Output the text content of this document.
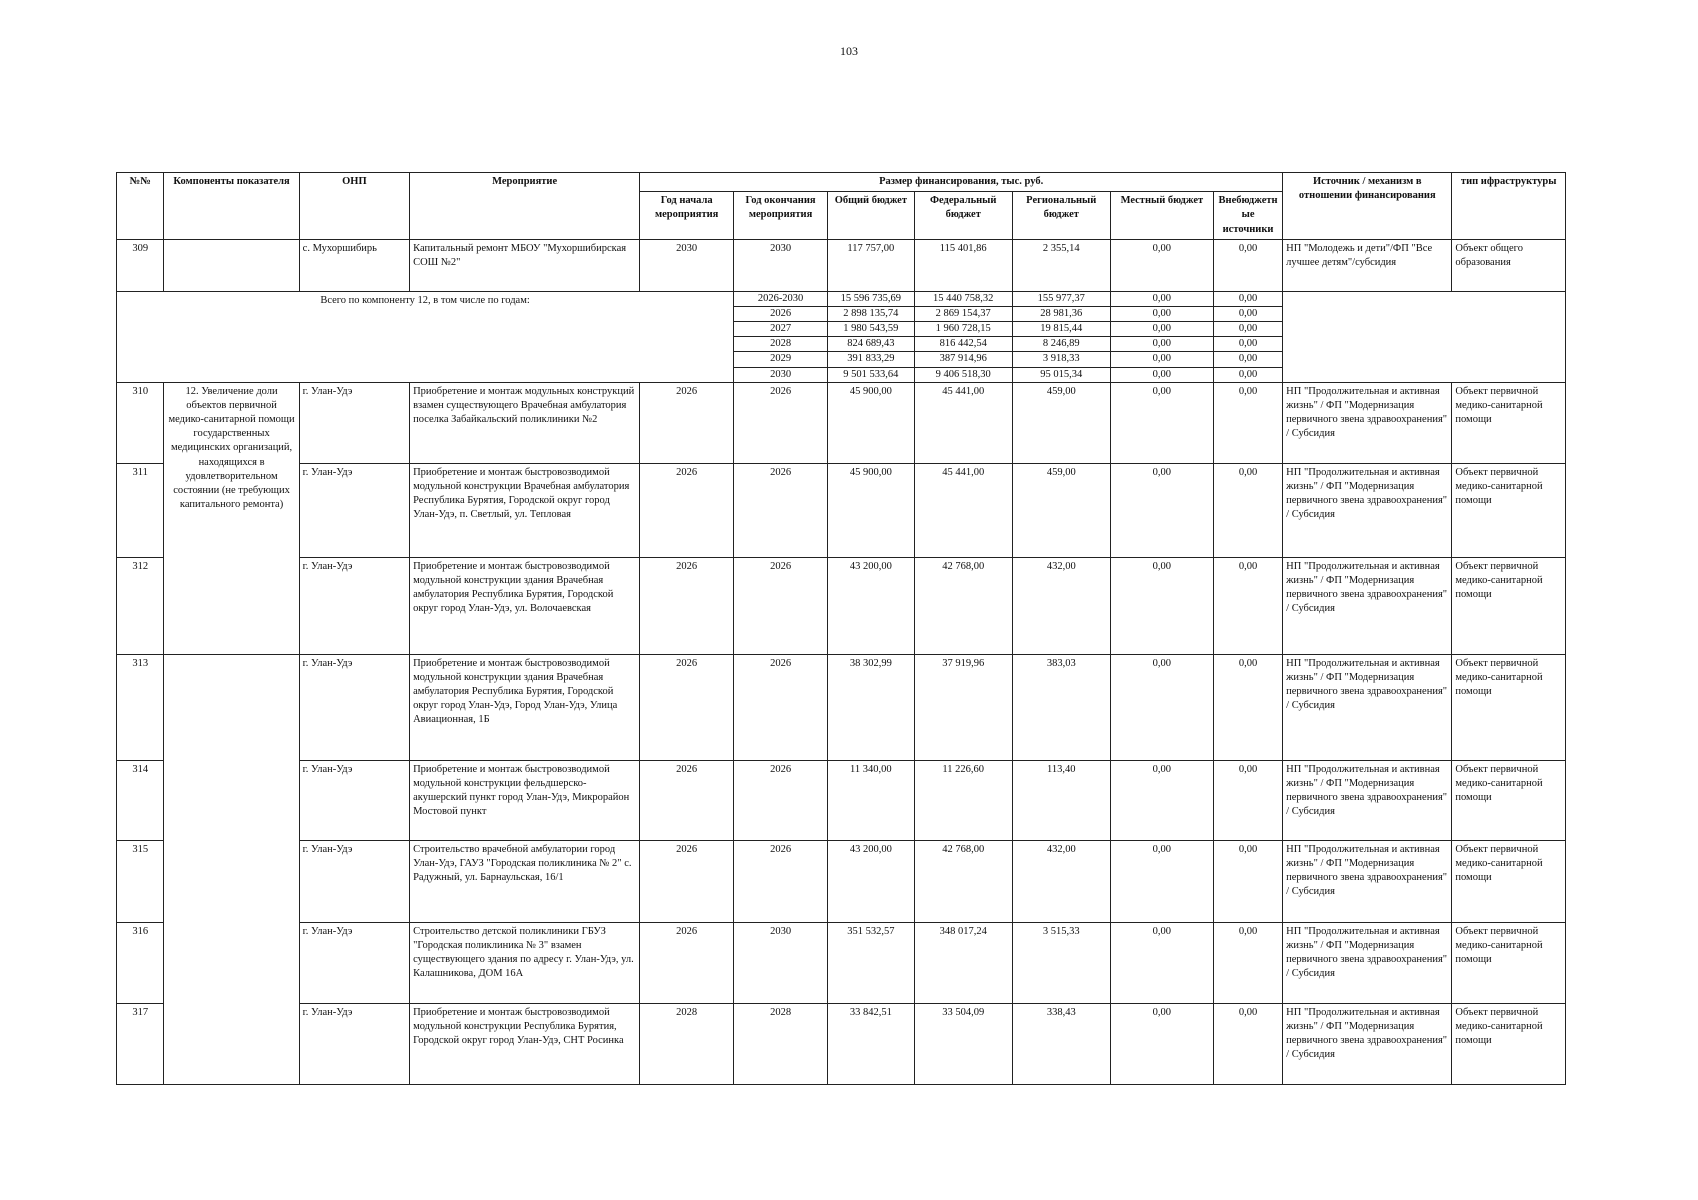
103
№№	Компоненты показателя	ОНП	Мероприятие	Размер финансирования, тыс. руб.							Источник / механизм в отношении финансирования	тип ифраструктуры
				Год начала мероприятия	Год окончания мероприятия	Общий бюджет	Федеральный бюджет	Региональный бюджет	Местный бюджет	Внебюджетные источники		
309		с. Мухоршибирь	Капитальный ремонт МБОУ "Мухоршибирская СОШ №2"	2030	2030	117 757,00	115 401,86	2 355,14	0,00	0,00	НП "Молодежь и дети"/ФП "Все лучшее детям"/субсидия	Объект общего образования
Всего по компоненту 12, в том числе по годам:					2026-2030	15 596 735,69	15 440 758,32	155 977,37	0,00	0,00		
					2026	2 898 135,74	2 869 154,37	28 981,36	0,00	0,00		
					2027	1 980 543,59	1 960 728,15	19 815,44	0,00	0,00		
					2028	824 689,43	816 442,54	8 246,89	0,00	0,00		
					2029	391 833,29	387 914,96	3 918,33	0,00	0,00		
					2030	9 501 533,64	9 406 518,30	95 015,34	0,00	0,00		
310	12. Увеличение доли объектов первичной медико-санитарной помощи государственных медицинских организаций, находящихся в удовлетворительном состоянии (не требующих капитального ремонта)	г. Улан-Удэ	Приобретение и монтаж модульных конструкций взамен существующего Врачебная амбулатория поселка Забайкальский поликлиники №2	2026	2026	45 900,00	45 441,00	459,00	0,00	0,00	НП "Продолжительная и активная жизнь" / ФП "Модернизация первичного звена здравоохранения" / Субсидия	Объект первичной медико-санитарной помощи
311		г. Улан-Удэ	Приобретение и монтаж быстровозводимой модульной конструкции Врачебная амбулатория Республика Бурятия, Городской округ город Улан-Удэ, п. Светлый, ул. Тепловая	2026	2026	45 900,00	45 441,00	459,00	0,00	0,00	НП "Продолжительная и активная жизнь" / ФП "Модернизация первичного звена здравоохранения" / Субсидия	Объект первичной медико-санитарной помощи
312		г. Улан-Удэ	Приобретение и монтаж быстровозводимой модульной конструкции здания Врачебная амбулатория Республика Бурятия, Городской округ город Улан-Удэ, ул. Волочаевская	2026	2026	43 200,00	42 768,00	432,00	0,00	0,00	НП "Продолжительная и активная жизнь" / ФП "Модернизация первичного звена здравоохранения" / Субсидия	Объект первичной медико-санитарной помощи
313		г. Улан-Удэ	Приобретение и монтаж быстровозводимой модульной конструкции здания Врачебная амбулатория Республика Бурятия, Городской округ город Улан-Удэ, Город Улан-Удэ, Улица Авиационная, 1Б	2026	2026	38 302,99	37 919,96	383,03	0,00	0,00	НП "Продолжительная и активная жизнь" / ФП "Модернизация первичного звена здравоохранения" / Субсидия	Объект первичной медико-санитарной помощи
314		г. Улан-Удэ	Приобретение и монтаж быстровозводимой модульной конструкции фельдшерско-акушерский пункт город Улан-Удэ, Микрорайон Мостовой пункт	2026	2026	11 340,00	11 226,60	113,40	0,00	0,00	НП "Продолжительная и активная жизнь" / ФП "Модернизация первичного звена здравоохранения" / Субсидия	Объект первичной медико-санитарной помощи
315		г. Улан-Удэ	Строительство врачебной амбулатории город Улан-Удэ, ГАУЗ "Городская поликлиника № 2" с. Радужный, ул. Барнаульская, 16/1	2026	2026	43 200,00	42 768,00	432,00	0,00	0,00	НП "Продолжительная и активная жизнь" / ФП "Модернизация первичного звена здравоохранения" / Субсидия	Объект первичной медико-санитарной помощи
316		г. Улан-Удэ	Строительство детской поликлиники ГБУЗ "Городская поликлиника № 3" взамен существующего здания по адресу г. Улан-Удэ, ул. Калашникова, ДОМ 16А	2026	2030	351 532,57	348 017,24	3 515,33	0,00	0,00	НП "Продолжительная и активная жизнь" / ФП "Модернизация первичного звена здравоохранения" / Субсидия	Объект первичной медико-санитарной помощи
317		г. Улан-Удэ	Приобретение и монтаж быстровозводимой модульной конструкции Республика Бурятия, Городской округ город Улан-Удэ, СНТ Росинка	2028	2028	33 842,51	33 504,09	338,43	0,00	0,00	НП "Продолжительная и активная жизнь" / ФП "Модернизация первичного звена здравоохранения" / Субсидия	Объект первичной медико-санитарной помощи
